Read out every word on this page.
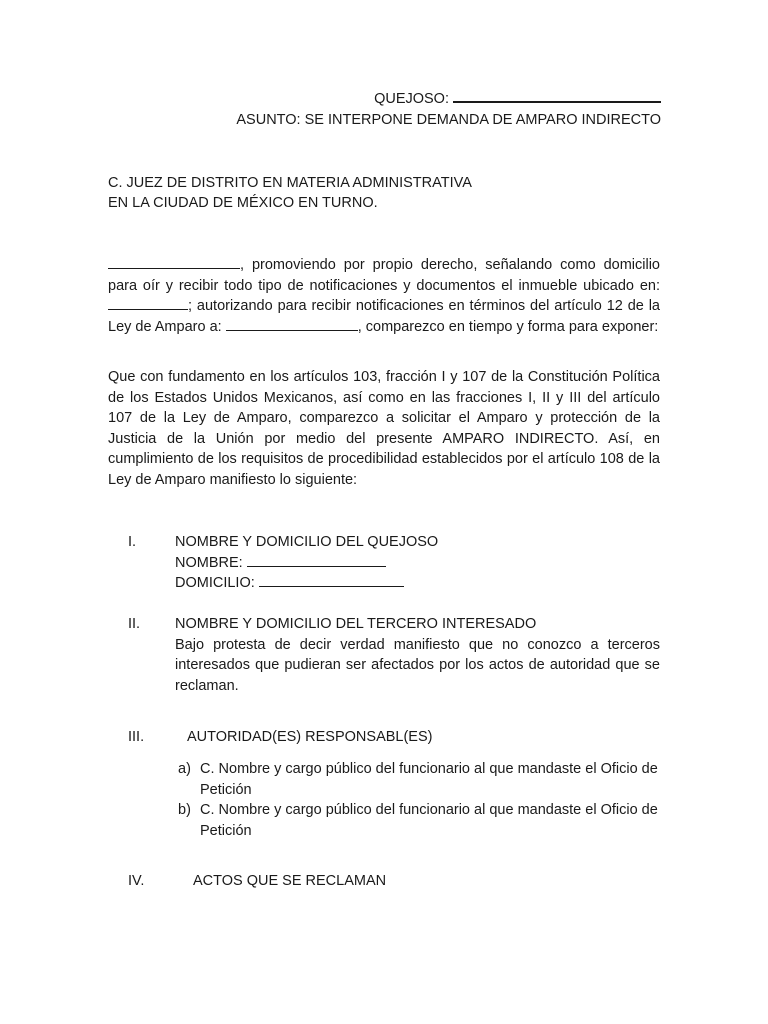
QUEJOSO:
ASUNTO: SE INTERPONE DEMANDA DE AMPARO INDIRECTO
C. JUEZ DE DISTRITO EN MATERIA ADMINISTRATIVA
EN LA CIUDAD DE MÉXICO EN TURNO.
, promoviendo por propio derecho, señalando como domicilio para oír y recibir todo tipo de notificaciones y documentos el inmueble ubicado en: ; autorizando para recibir notificaciones en términos del artículo 12 de la Ley de Amparo a:	, comparezco en tiempo y forma para exponer:
Que con fundamento en los artículos 103, fracción I y 107 de la Constitución Política de los Estados Unidos Mexicanos, así como en las fracciones I, II y III del artículo 107 de la Ley de Amparo, comparezco a solicitar el Amparo y protección de la Justicia de la Unión por medio del presente AMPARO INDIRECTO. Así, en cumplimiento de los requisitos de procedibilidad establecidos por el artículo 108 de la Ley de Amparo manifiesto lo siguiente:
I.	NOMBRE Y DOMICILIO DEL QUEJOSO
NOMBRE:
DOMICILIO:
II. NOMBRE Y DOMICILIO DEL TERCERO INTERESADO
Bajo protesta de decir verdad manifiesto que no conozco a terceros interesados que pudieran ser afectados por los actos de autoridad que se reclaman.
III.	AUTORIDAD(ES) RESPONSABL(ES)
a) C. Nombre y cargo público del funcionario al que mandaste el Oficio de Petición
b) C. Nombre y cargo público del funcionario al que mandaste el Oficio de Petición
IV.	ACTOS QUE SE RECLAMAN
